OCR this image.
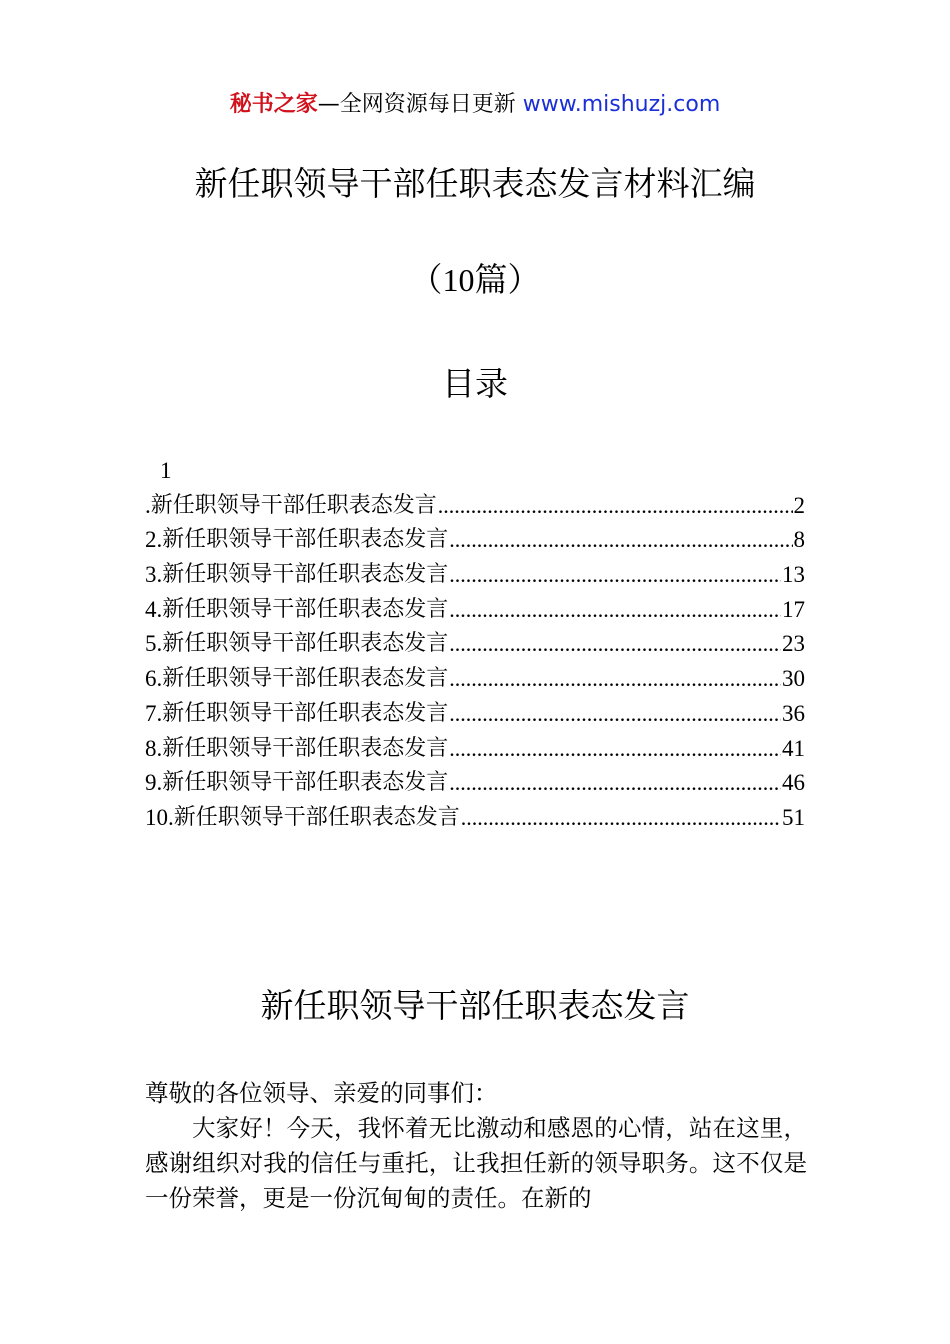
秘书之家—全网资源每日更新 www.mishuzj.com
新任职领导干部任职表态发言材料汇编
（10篇）
目录
1
. 新任职领导干部任职表态发言 .....	2
2. 新任职领导干部任职表态发言 .....	8
3. 新任职领导干部任职表态发言 .....	13
4. 新任职领导干部任职表态发言 .....	17
5. 新任职领导干部任职表态发言 .....	23
6. 新任职领导干部任职表态发言 .....	30
7. 新任职领导干部任职表态发言 .....	36
8. 新任职领导干部任职表态发言 .....	41
9. 新任职领导干部任职表态发言 .....	46
10. 新任职领导干部任职表态发言 .....	51
新任职领导干部任职表态发言

尊敬的各位领导、亲爱的同事们：

大家好！今天，我怀着无比激动和感恩的心情，站在这里，感谢组织对我的信任与重托，让我担任新的领导职务。这不仅是一份荣誉，更是一份沉甸甸的责任。在新的
